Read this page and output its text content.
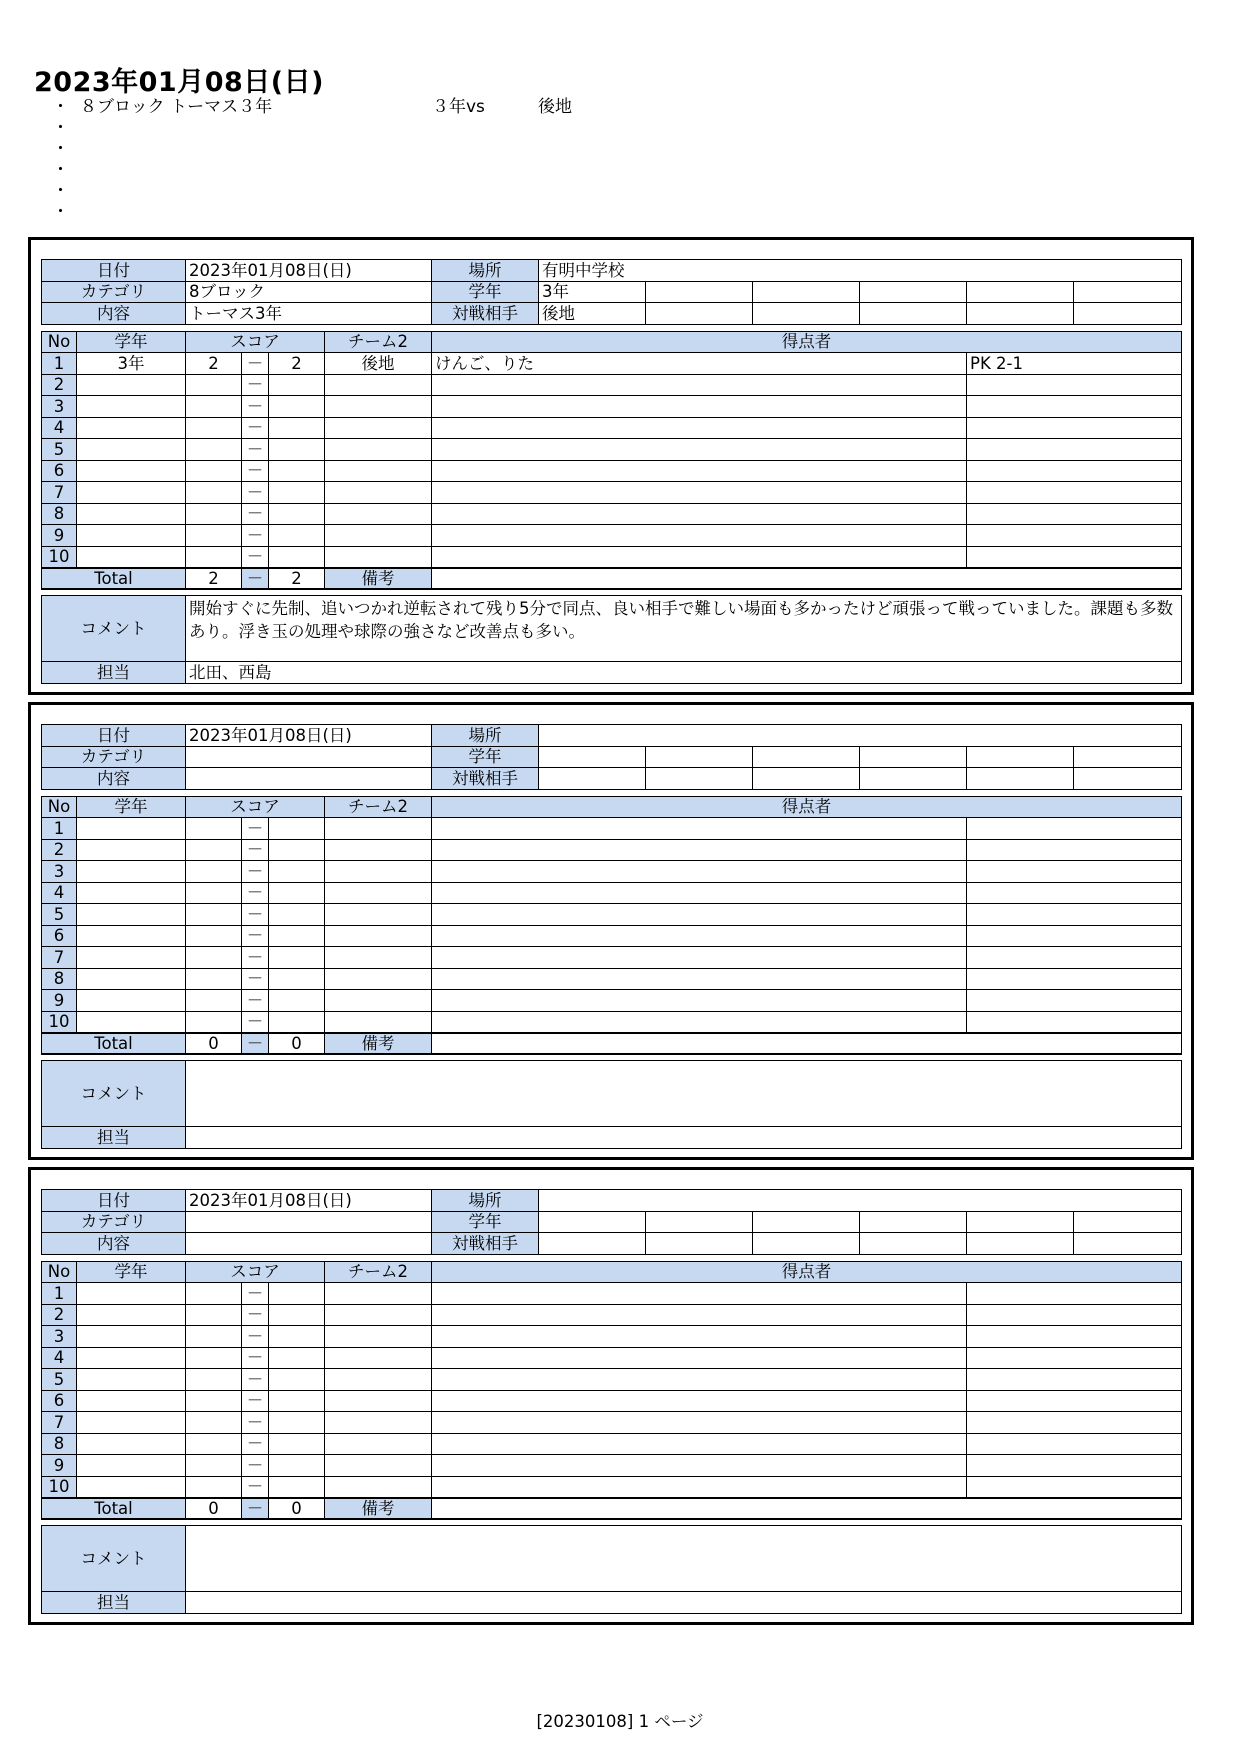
2023年01月08日(日)
・ ８ブロック トーマス３年	３年vs	後地
・
・
・
・
・
日付	2023年01月08日(日)	場所	有明中学校					
カテゴリ	8ブロック	学年	3年					
内容	トーマス3年	対戦相手	後地					
No	学年	スコア			チーム2	得点者	
1	3年	2	－	2	後地	けんご、りた	PK 2-1
2			－				
3			－				
4			－				
5			－				
6			－				
7			－				
8			－				
9			－				
10			－				
Total		2	－	2	備考		
コメント	開始すぐに先制、追いつかれ逆転されて残り5分で同点、良い相手で難しい場面も多かったけど頑張って戦っていました。課題も多数あり。浮き玉の処理や球際の強さなど改善点も多い。
担当	北田、西島
日付	2023年01月08日(日)	場所						
カテゴリ		学年						
内容		対戦相手						
No	学年	スコア			チーム2	得点者	
1			－				
2			－				
3			－				
4			－				
5			－				
6			－				
7			－				
8			－				
9			－				
10			－				
Total		0	－	0	備考		
コメント	
担当	
日付	2023年01月08日(日)	場所						
カテゴリ		学年						
内容		対戦相手						
No	学年	スコア			チーム2	得点者	
1			－				
2			－				
3			－				
4			－				
5			－				
6			－				
7			－				
8			－				
9			－				
10			－				
Total		0	－	0	備考		
コメント	
担当	
[20230108] 1 ページ
